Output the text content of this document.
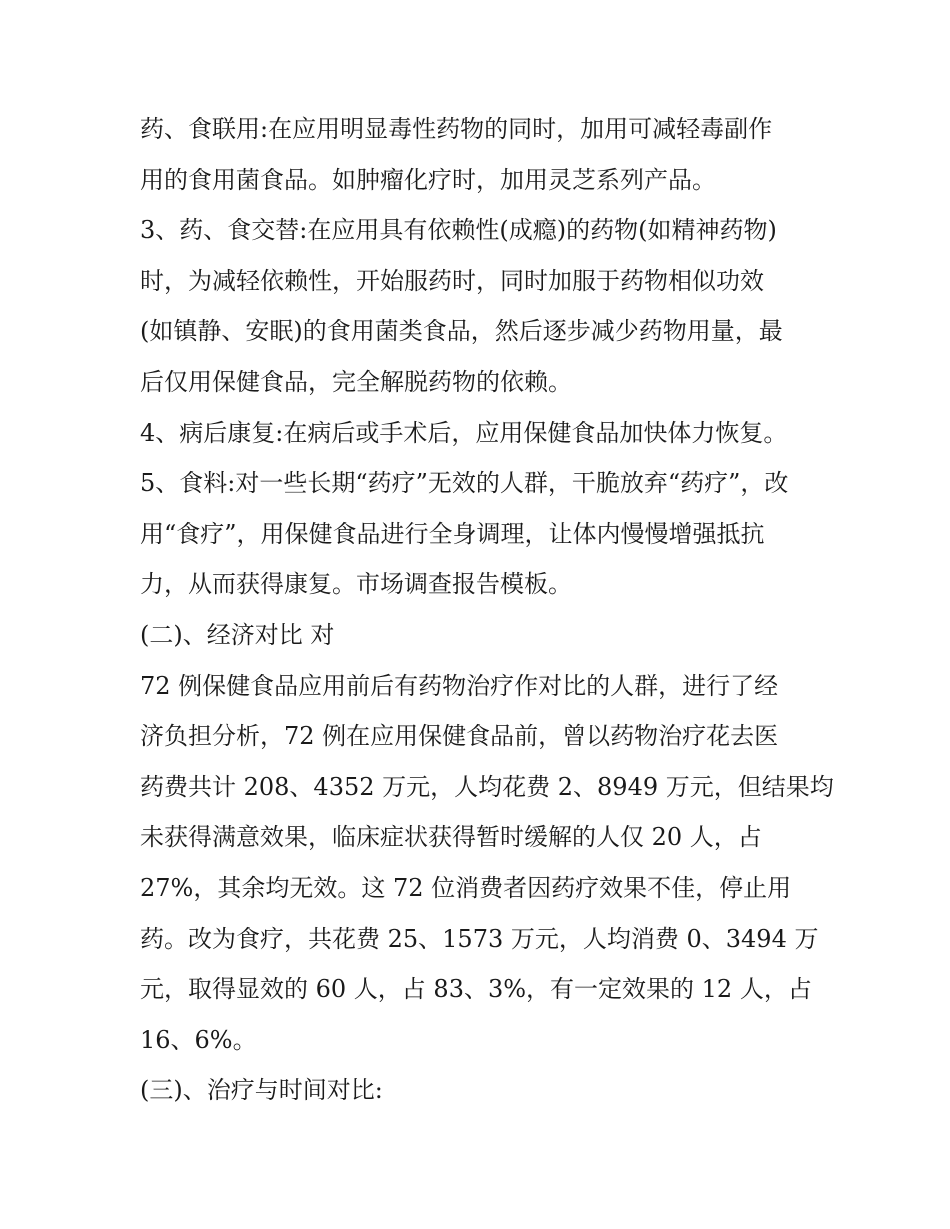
药、食联用:在应用明显毒性药物的同时，加用可减轻毒副作
用的食用菌食品。如肿瘤化疗时，加用灵芝系列产品。
3、药、食交替:在应用具有依赖性(成瘾)的药物(如精神药物)
时，为减轻依赖性，开始服药时，同时加服于药物相似功效
(如镇静、安眠)的食用菌类食品，然后逐步减少药物用量，最
后仅用保健食品，完全解脱药物的依赖。
4、病后康复:在病后或手术后，应用保健食品加快体力恢复。
5、食料:对一些长期“药疗”无效的人群，干脆放弃“药疗”，改
用“食疗”，用保健食品进行全身调理，让体内慢慢增强抵抗
力，从而获得康复。市场调查报告模板。
(二)、经济对比 对
72 例保健食品应用前后有药物治疗作对比的人群，进行了经
济负担分析，72 例在应用保健食品前，曾以药物治疗花去医
药费共计 208、4352 万元，人均花费 2、8949 万元，但结果均
未获得满意效果，临床症状获得暂时缓解的人仅 20 人，占
27%，其余均无效。这 72 位消费者因药疗效果不佳，停止用
药。改为食疗，共花费 25、1573 万元，人均消费 0、3494 万
元，取得显效的 60 人，占 83、3%，有一定效果的 12 人，占
16、6%。
(三)、治疗与时间对比:
